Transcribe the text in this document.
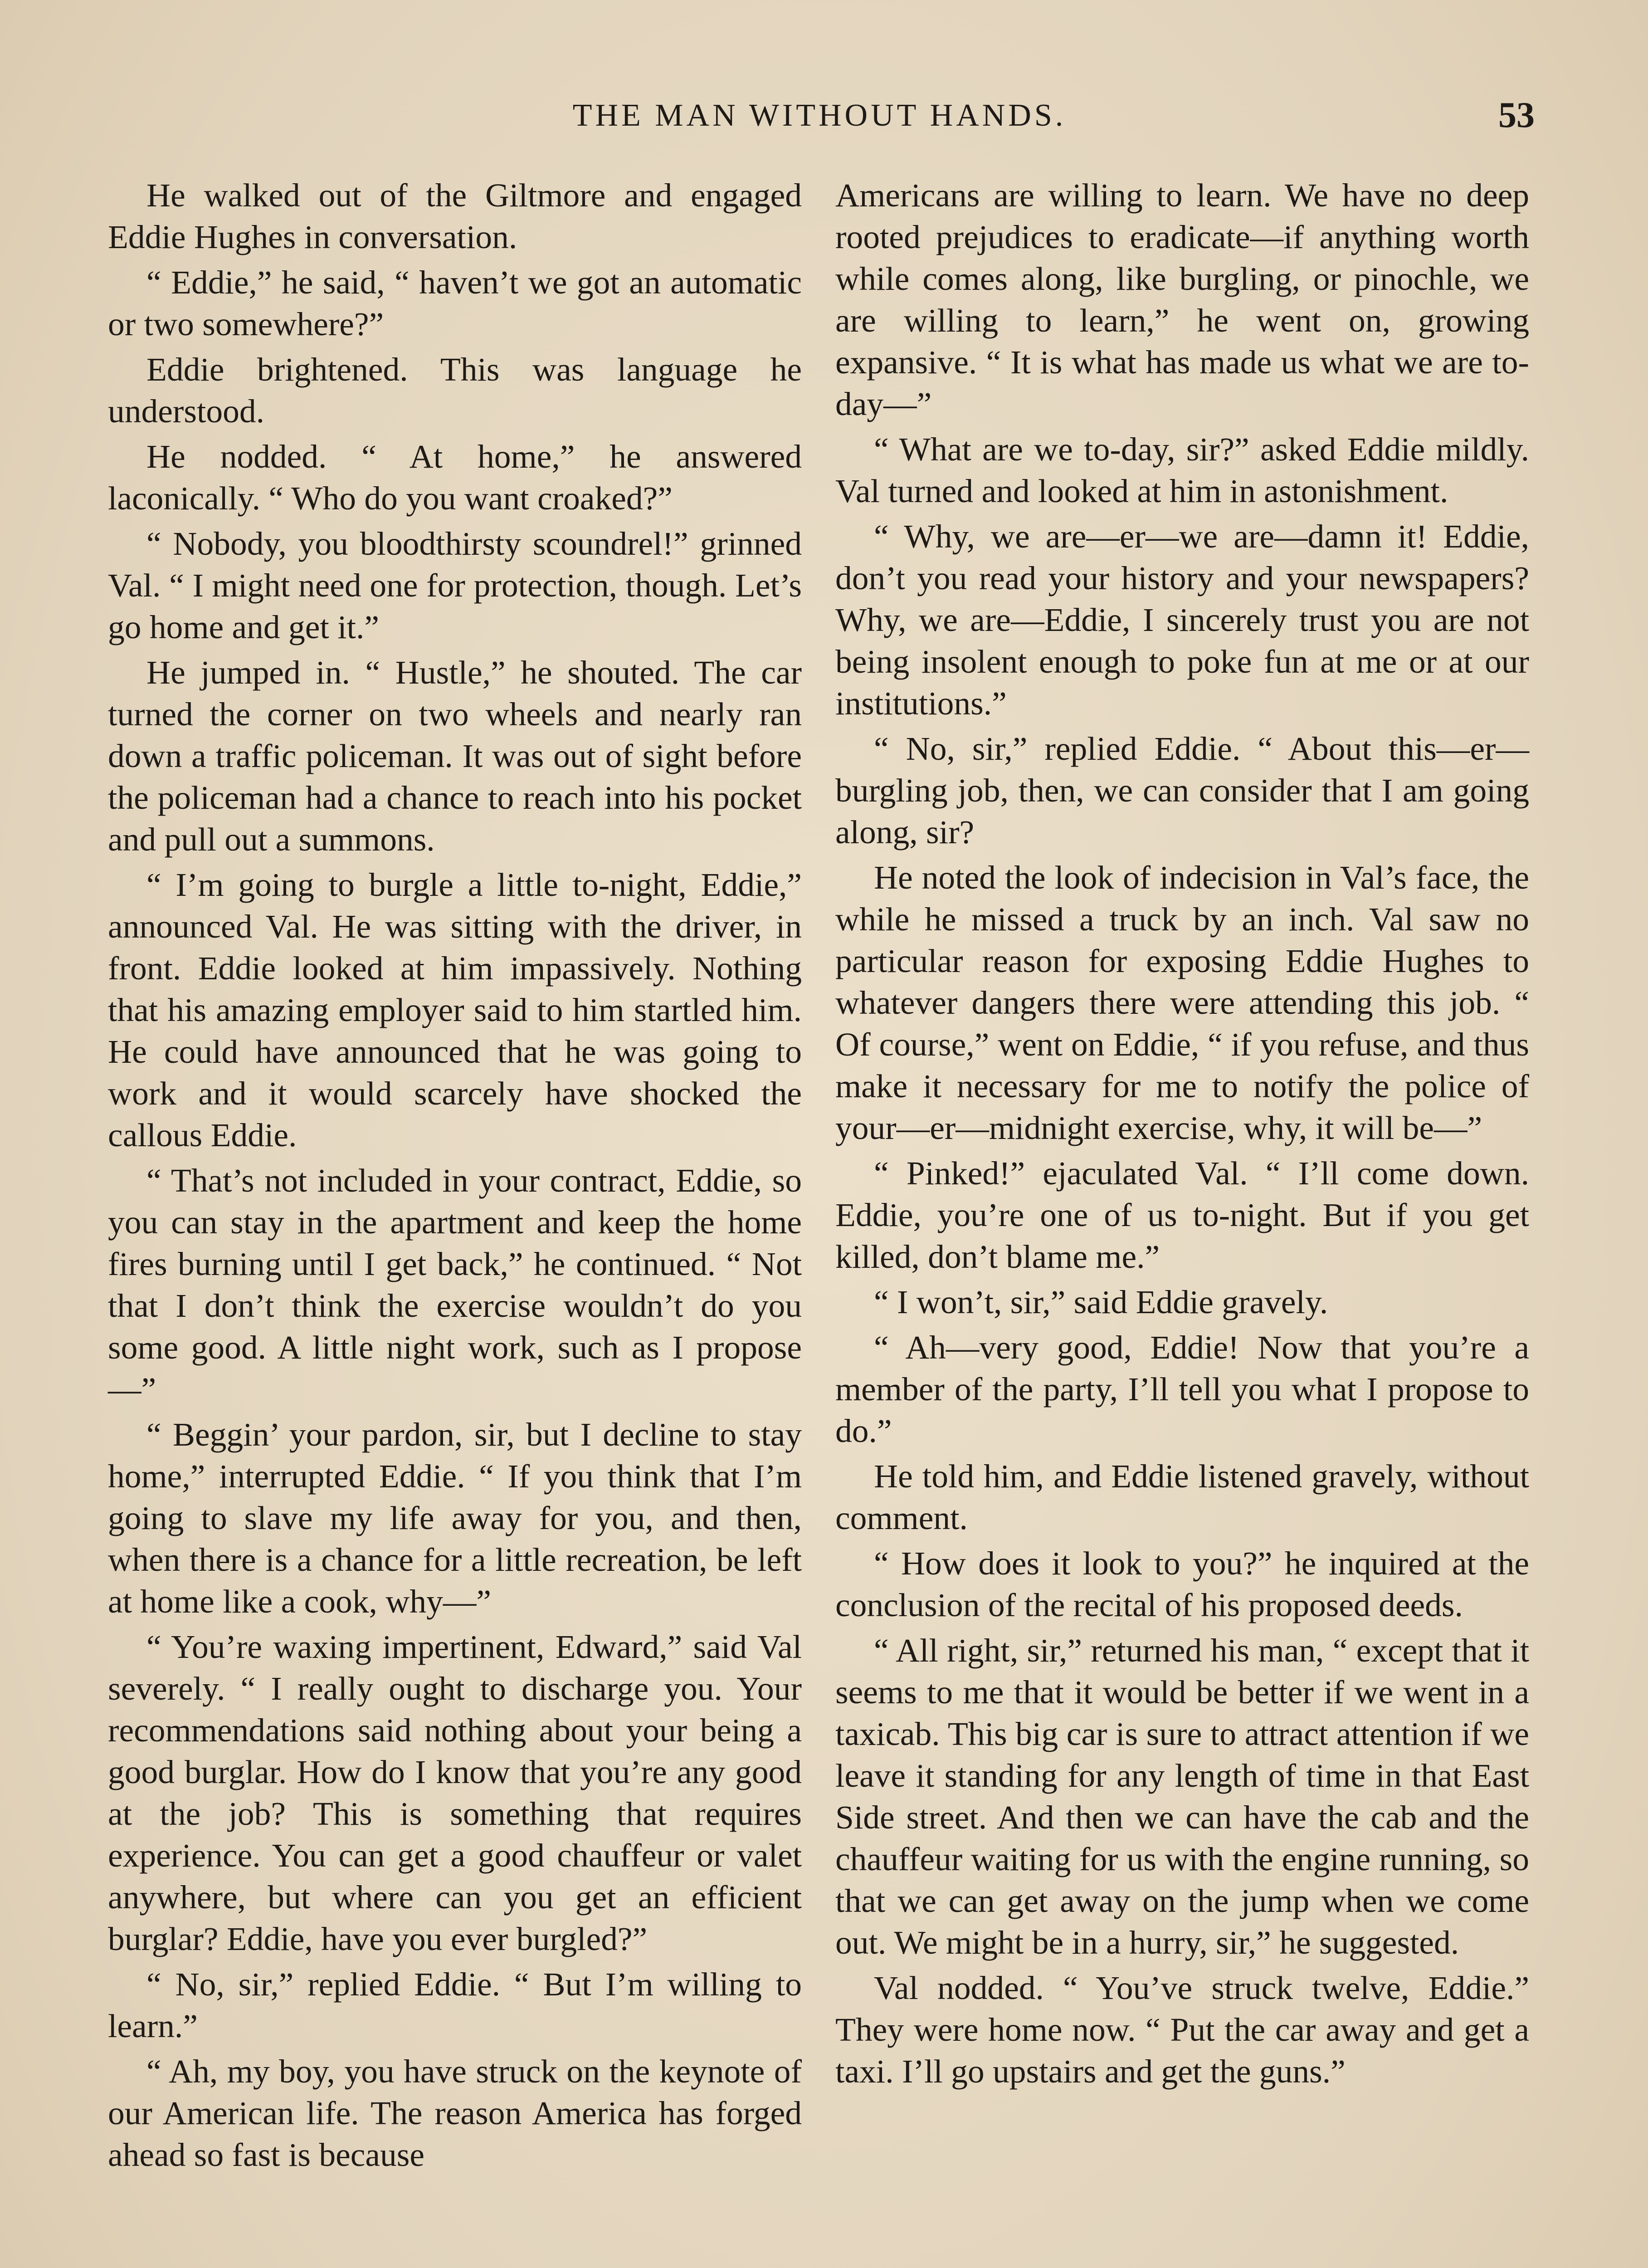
THE MAN WITHOUT HANDS.	53

He walked out of the Giltmore and engaged Eddie Hughes in conversation.

“ Eddie,” he said, “ haven’t we got an automatic or two somewhere?”

Eddie brightened. This was language he understood.

He nodded. “ At home,” he answered laconically. “ Who do you want croaked?”

“ Nobody, you bloodthirsty scoundrel!” grinned Val. “ I might need one for protection, though. Let’s go home and get it.”

He jumped in. “ Hustle,” he shouted. The car turned the corner on two wheels and nearly ran down a traffic policeman. It was out of sight before the policeman had a chance to reach into his pocket and pull out a summons.

“ I’m going to burgle a little to-night, Eddie,” announced Val. He was sitting with the driver, in front. Eddie looked at him impassively. Nothing that his amazing employer said to him startled him. He could have announced that he was going to work and it would scarcely have shocked the callous Eddie.

“ That’s not included in your contract, Eddie, so you can stay in the apartment and keep the home fires burning until I get back,” he continued. “ Not that I don’t think the exercise wouldn’t do you some good. A little night work, such as I propose—”

“ Beggin’ your pardon, sir, but I decline to stay home,” interrupted Eddie. “ If you think that I’m going to slave my life away for you, and then, when there is a chance for a little recreation, be left at home like a cook, why—”

“ You’re waxing impertinent, Edward,” said Val severely. “ I really ought to discharge you. Your recommendations said nothing about your being a good burglar. How do I know that you’re any good at the job? This is something that requires experience. You can get a good chauffeur or valet anywhere, but where can you get an efficient burglar? Eddie, have you ever burgled?”

“ No, sir,” replied Eddie. “ But I’m willing to learn.”

“ Ah, my boy, you have struck on the keynote of our American life. The reason America has forged ahead so fast is because

Americans are willing to learn. We have no deep rooted prejudices to eradicate—if anything worth while comes along, like burgling, or pinochle, we are willing to learn,” he went on, growing expansive. “ It is what has made us what we are to-day—”

“ What are we to-day, sir?” asked Eddie mildly. Val turned and looked at him in astonishment.

“ Why, we are—er—we are—damn it! Eddie, don’t you read your history and your newspapers? Why, we are—Eddie, I sincerely trust you are not being insolent enough to poke fun at me or at our institutions.”

“ No, sir,” replied Eddie. “ About this—er—burgling job, then, we can consider that I am going along, sir?

He noted the look of indecision in Val’s face, the while he missed a truck by an inch. Val saw no particular reason for exposing Eddie Hughes to whatever dangers there were attending this job. “ Of course,” went on Eddie, “ if you refuse, and thus make it necessary for me to notify the police of your—er—midnight exercise, why, it will be—”

“ Pinked!” ejaculated Val. “ I’ll come down. Eddie, you’re one of us to-night. But if you get killed, don’t blame me.”

“ I won’t, sir,” said Eddie gravely.

“ Ah—very good, Eddie! Now that you’re a member of the party, I’ll tell you what I propose to do.”

He told him, and Eddie listened gravely, without comment.

“ How does it look to you?” he inquired at the conclusion of the recital of his proposed deeds.

“ All right, sir,” returned his man, “ except that it seems to me that it would be better if we went in a taxicab. This big car is sure to attract attention if we leave it standing for any length of time in that East Side street. And then we can have the cab and the chauffeur waiting for us with the engine running, so that we can get away on the jump when we come out. We might be in a hurry, sir,” he suggested.

Val nodded. “ You’ve struck twelve, Eddie.” They were home now. “ Put the car away and get a taxi. I’ll go upstairs and get the guns.”
